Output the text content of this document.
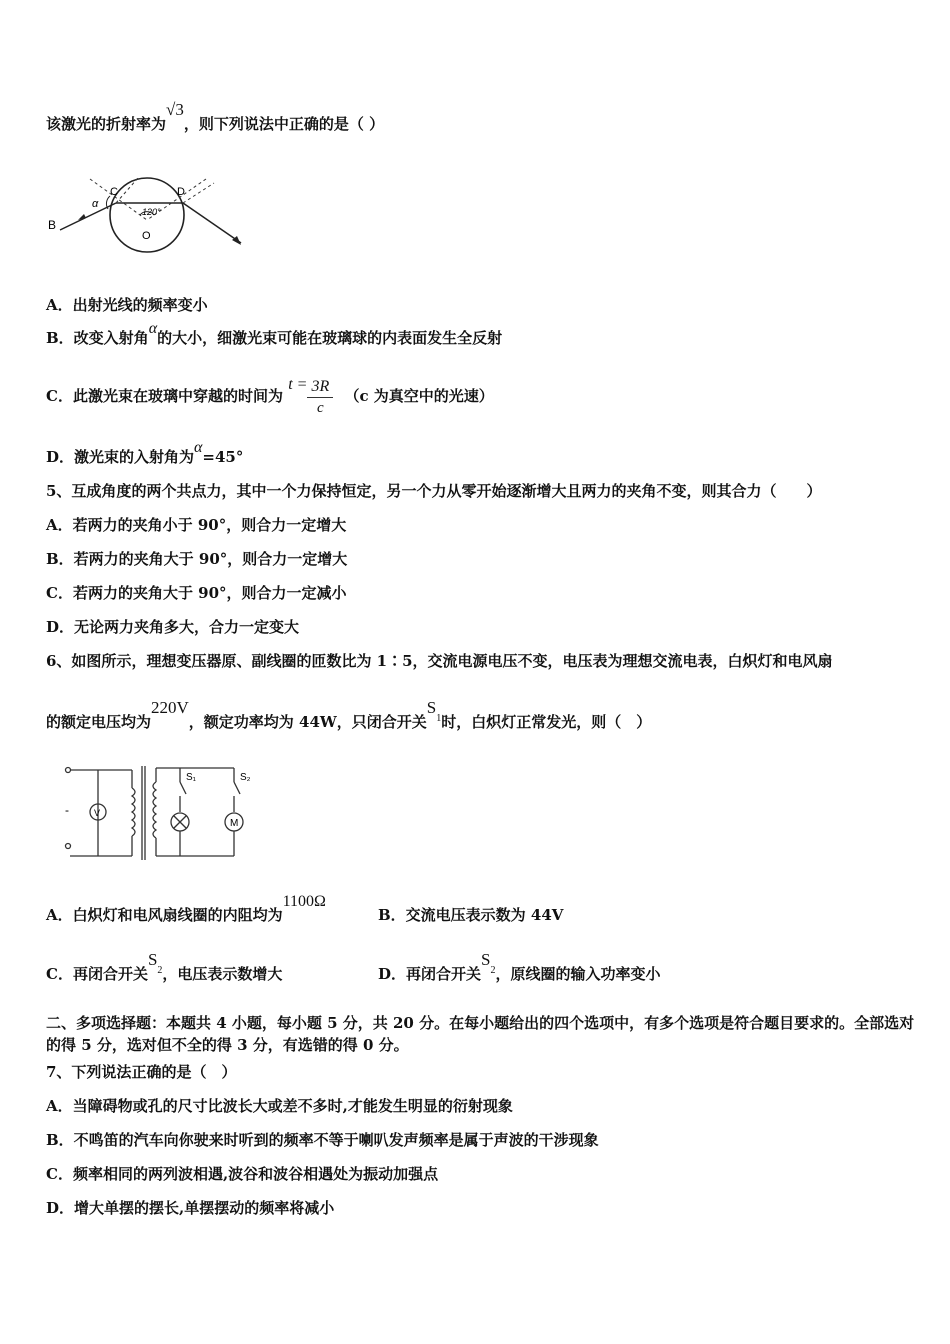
该激光的折射率为√3，则下列说法中正确的是（ ）
B
C	D
O
α
120°
A．出射光线的频率变小
B．改变入射角α的大小，细激光束可能在玻璃球的内表面发生全反射
C．此激光束在玻璃中穿越的时间为 $t = \frac{3R}{c} (c$ 为真空中的光速）
D．激光束的入射角为α=45°
5、互成角度的两个共点力，其中一个力保持恒定，另一个力从零开始逐渐增大且两力的夹角不变，则其合力（　　）
A．若两力的夹角小于 90°，则合力一定增大
B．若两力的夹角大于 90°，则合力一定增大
C．若两力的夹角大于 90°，则合力一定减小
D．无论两力夹角多大，合力一定变大
6、如图所示，理想变压器原、副线圈的匝数比为 1∶5，交流电源电压不变，电压表为理想交流电表，白炽灯和电风扇
的额定电压均为220V，额定功率均为 44W，只闭合开关$S^1$时，白炽灯正常发光，则（　）
-	V
S₁	S₂
M
A．白炽灯和电风扇线圈的内阻均为1100Ω
B．交流电压表示数为 44V
C．再闭合开关$S^2$，电压表示数增大	D．再闭合开关$S^2$，原线圈的输入功率变小
二、多项选择题：本题共 4 小题，每小题 5 分，共 20 分。在每小题给出的四个选项中，有多个选项是符合题目要求的。全部选对的得 5 分，选对但不全的得 3 分，有选错的得 0 分。
7、下列说法正确的是（　）
A．当障碍物或孔的尺寸比波长大或差不多时,才能发生明显的衍射现象
B．不鸣笛的汽车向你驶来时听到的频率不等于喇叭发声频率是属于声波的干涉现象
C．频率相同的两列波相遇,波谷和波谷相遇处为振动加强点
D．增大单摆的摆长,单摆摆动的频率将减小
